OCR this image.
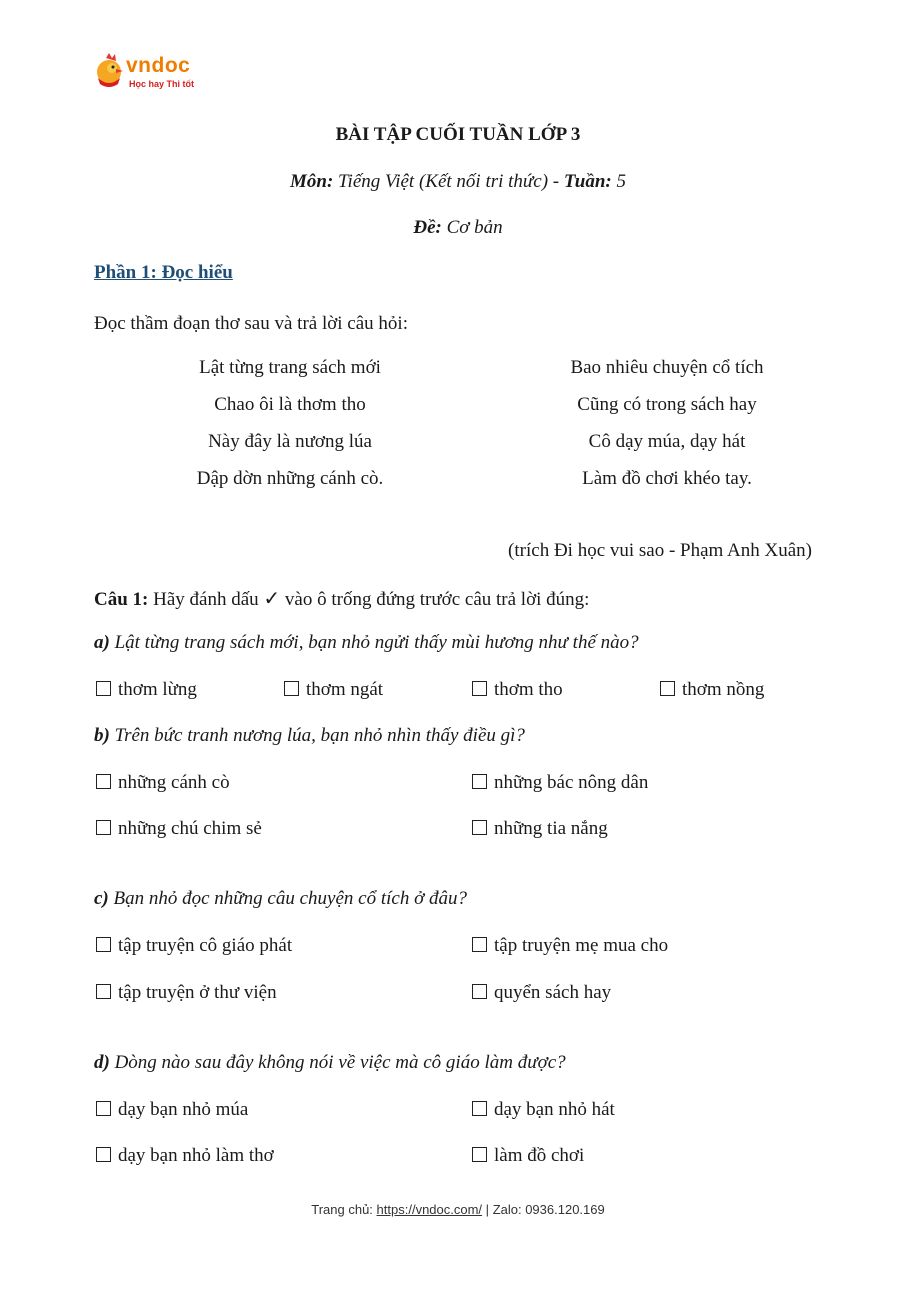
vndoc
Học hay Thi tốt
BÀI TẬP CUỐI TUẦN LỚP 3
Môn: Tiếng Việt (Kết nối tri thức) - Tuần: 5
Đề: Cơ bản
Phần 1: Đọc hiểu
Đọc thầm đoạn thơ sau và trả lời câu hỏi:
Lật từng trang sách mới
Chao ôi là thơm tho
Này đây là nương lúa
Dập dờn những cánh cò.
Bao nhiêu chuyện cổ tích
Cũng có trong sách hay
Cô dạy múa, dạy hát
Làm đồ chơi khéo tay.
(trích Đi học vui sao - Phạm Anh Xuân)
Câu 1: Hãy đánh dấu ✓ vào ô trống đứng trước câu trả lời đúng:
a) Lật từng trang sách mới, bạn nhỏ ngửi thấy mùi hương như thế nào?
thơm lừng	thơm ngát	thơm tho	thơm nồng
b) Trên bức tranh nương lúa, bạn nhỏ nhìn thấy điều gì?
những cánh cò	những bác nông dân
những chú chim sẻ	những tia nắng
c) Bạn nhỏ đọc những câu chuyện cổ tích ở đâu?
tập truyện cô giáo phát	tập truyện mẹ mua cho
tập truyện ở thư viện	quyển sách hay
d) Dòng nào sau đây không nói về việc mà cô giáo làm được?
dạy bạn nhỏ múa	dạy bạn nhỏ hát
dạy bạn nhỏ làm thơ	làm đồ chơi
Trang chủ: https://vndoc.com/ | Zalo: 0936.120.169
